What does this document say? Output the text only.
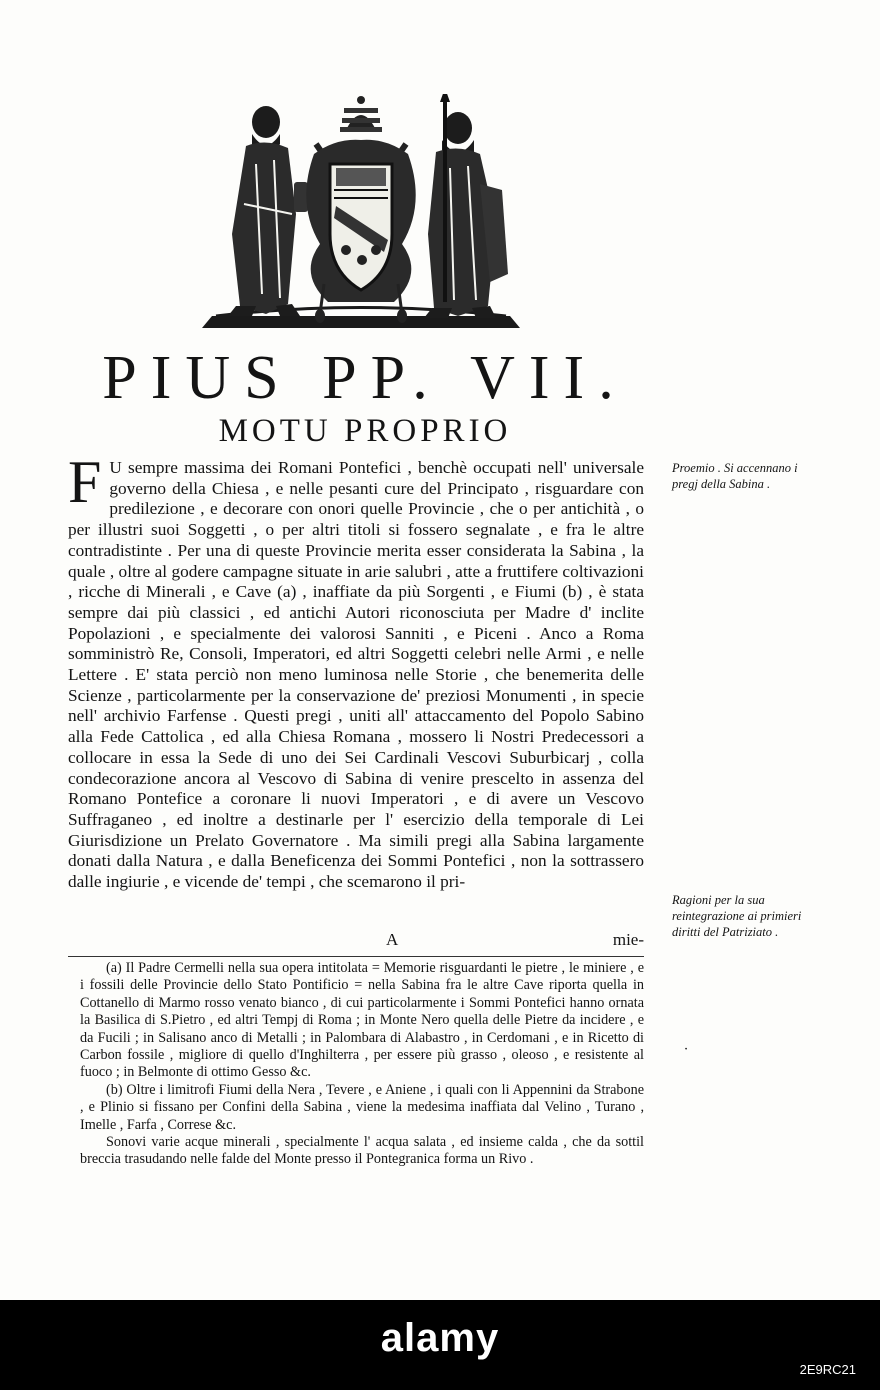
PIUS PP. VII.
MOTU PROPRIO

F U sempre massima dei Romani Pontefici , benchè occupati nell' universale governo della Chiesa , e nelle pesanti cure del Principato , risguardare con predilezione , e decorare con onori quelle Provincie , che o per antichità , o per illustri suoi Soggetti , o per altri titoli si fossero segnalate , e fra le altre contradistinte . Per una di queste Provincie merita esser considerata la Sabina , la quale , oltre al godere campagne situate in arie salubri , atte a fruttifere coltivazioni , ricche di Minerali , e Cave (a) , inaffiate da più Sorgenti , e Fiumi (b) , è stata sempre dai più classici , ed antichi Autori riconosciuta per Madre d' inclite Popolazioni , e specialmente dei valorosi Sanniti , e Piceni . Anco a Roma somministrò Re, Consoli, Imperatori, ed altri Soggetti celebri nelle Armi , e nelle Lettere . E' stata perciò non meno luminosa nelle Storie , che benemerita delle Scienze , particolarmente per la conservazione de' preziosi Monumenti , in specie nell' archivio Farfense . Questi pregi , uniti all' attaccamento del Popolo Sabino alla Fede Cattolica , ed alla Chiesa Romana , mossero li Nostri Predecessori a collocare in essa la Sede di uno dei Sei Cardinali Vescovi Suburbicarj , colla condecorazione ancora al Vescovo di Sabina di venire prescelto in assenza del Romano Pontefice a coronare li nuovi Imperatori , e di avere un Vescovo Suffraganeo , ed inoltre a destinarle per l' esercizio della temporale di Lei Giurisdizione un Prelato Governatore . Ma simili pregi alla Sabina largamente donati dalla Natura , e dalla Beneficenza dei Sommi Pontefici , non la sottrassero dalle ingiurie , e vicende de' tempi , che scemarono il pri-

A	mie-

(a) Il Padre Cermelli nella sua opera intitolata = Memorie risguardanti le pietre , le miniere , e i fossili delle Provincie dello Stato Pontificio = nella Sabina fra le altre Cave riporta quella in Cottanello di Marmo rosso venato bianco , di cui particolarmente i Sommi Pontefici hanno ornata la Basilica di S.Pietro , ed altri Tempj di Roma ; in Monte Nero quella delle Pietre da incidere , e da Fucili ; in Salisano anco di Metalli ; in Palombara di Alabastro , in Cerdomani , e in Ricetto di Carbon fossile , migliore di quello d'Inghilterra , per essere più grasso , oleoso , e resistente al fuoco ; in Belmonte di ottimo Gesso &c.

(b) Oltre i limitrofi Fiumi della Nera , Tevere , e Aniene , i quali con li Appennini da Strabone , e Plinio si fissano per Confini della Sabina , viene la medesima inaffiata dal Velino , Turano , Imelle , Farfa , Correse &c.

Sonovi varie acque minerali , specialmente l' acqua salata , ed insieme calda , che da sottil breccia trasudando nelle falde del Monte presso il Pontegranica forma un Rivo .

Proemio . Si accennano i pregj della Sabina .
Ragioni per la sua reintegrazione ai primieri diritti del Patriziato .
·
alamy
2E9RC21
